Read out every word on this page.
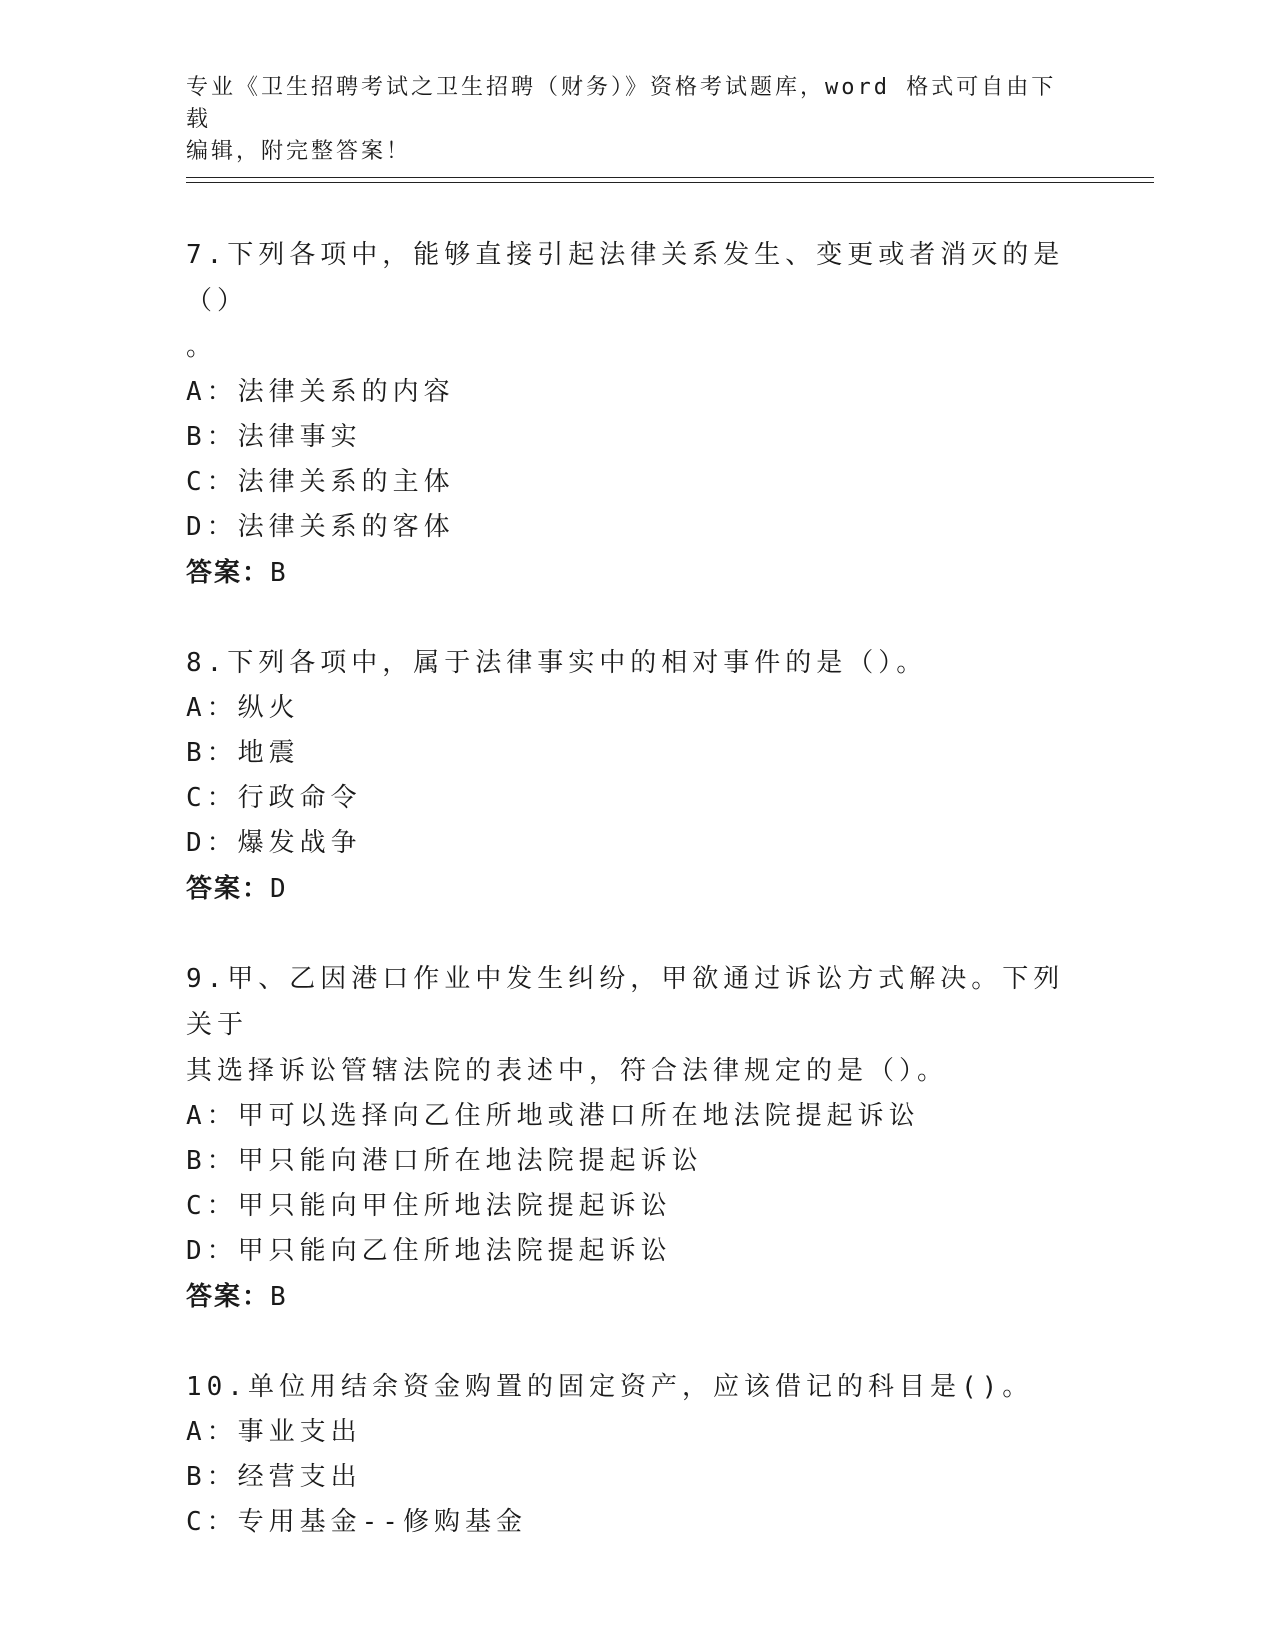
专业《卫生招聘考试之卫生招聘（财务）》资格考试题库，word 格式可自由下载
编辑，附完整答案！
7.下列各项中，能够直接引起法律关系发生、变更或者消灭的是（）
。
A：法律关系的内容
B：法律事实
C：法律关系的主体
D：法律关系的客体
答案：B
8.下列各项中，属于法律事实中的相对事件的是（）。
A：纵火
B：地震
C：行政命令
D：爆发战争
答案：D
9.甲、乙因港口作业中发生纠纷，甲欲通过诉讼方式解决。下列关于
其选择诉讼管辖法院的表述中，符合法律规定的是（）。
A：甲可以选择向乙住所地或港口所在地法院提起诉讼
B：甲只能向港口所在地法院提起诉讼
C：甲只能向甲住所地法院提起诉讼
D：甲只能向乙住所地法院提起诉讼
答案：B
10.单位用结余资金购置的固定资产，应该借记的科目是()。
A：事业支出
B：经营支出
C：专用基金--修购基金
